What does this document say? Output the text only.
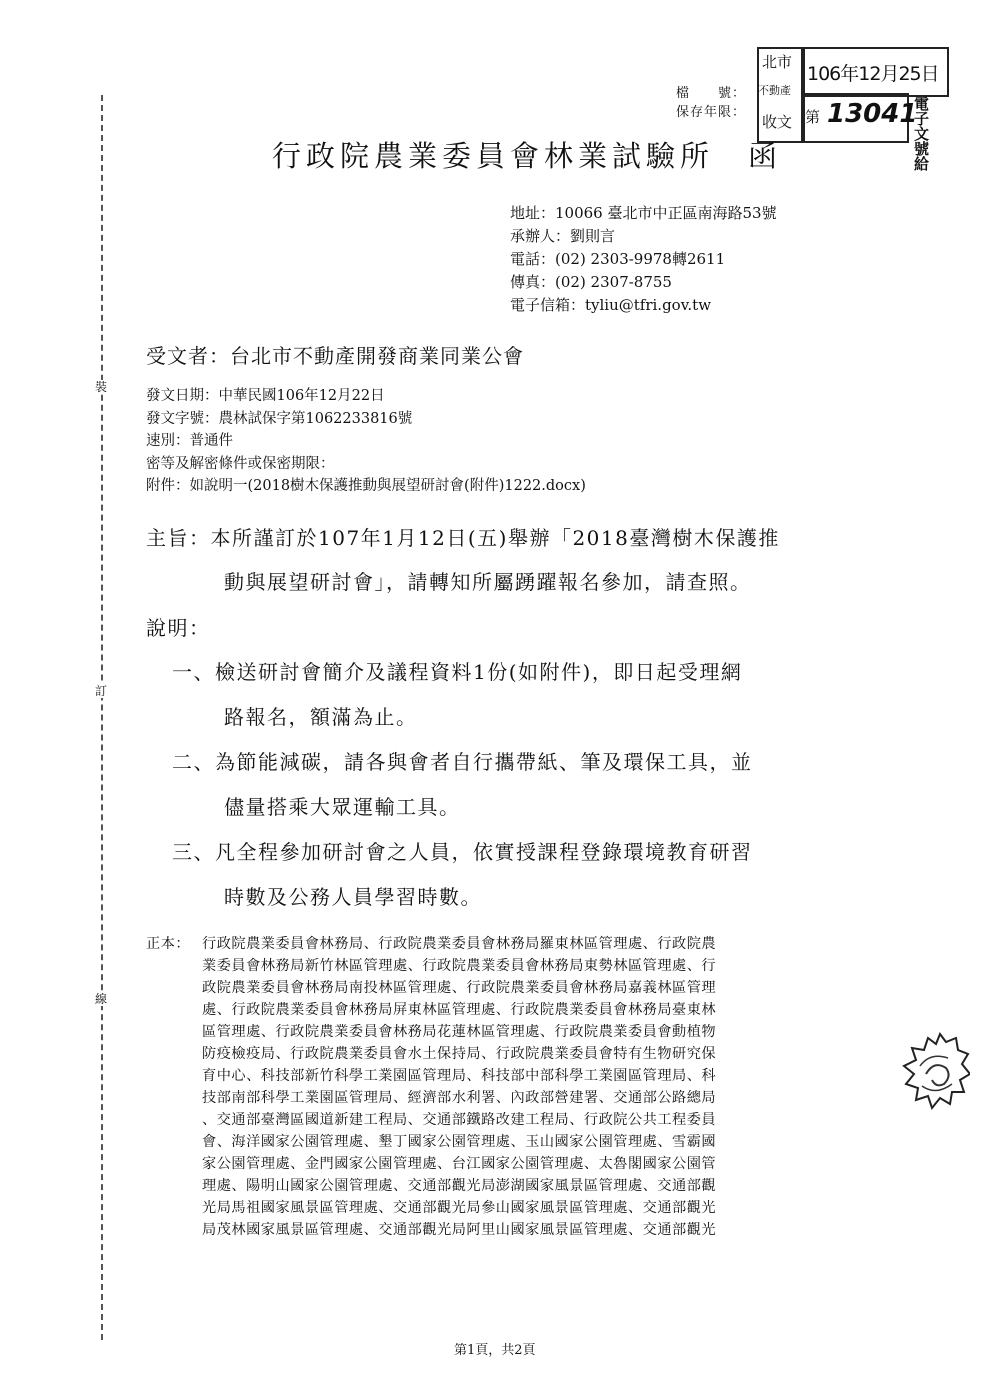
裝
訂
線
北市
不動產
收文
106年12月25日
第 13041
電子
文號
給
檔　　號：
保存年限：
行政院農業委員會林業試驗所　函
地址：10066 臺北市中正區南海路53號
承辦人：劉則言
電話：(02) 2303-9978轉2611
傳真：(02) 2307-8755
電子信箱：tyliu@tfri.gov.tw
受文者：台北市不動產開發商業同業公會
發文日期：中華民國106年12月22日
發文字號：農林試保字第1062233816號
速別：普通件
密等及解密條件或保密期限：
附件：如說明一(2018樹木保護推動與展望研討會(附件)1222.docx)
主旨：本所謹訂於107年1月12日(五)舉辦「2018臺灣樹木保護推
動與展望研討會」，請轉知所屬踴躍報名參加，請查照。
說明：
一、檢送研討會簡介及議程資料1份(如附件)，即日起受理網
路報名，額滿為止。
二、為節能減碳，請各與會者自行攜帶紙、筆及環保工具，並
儘量搭乘大眾運輸工具。
三、凡全程參加研討會之人員，依實授課程登錄環境教育研習
時數及公務人員學習時數。
正本： 行政院農業委員會林務局、行政院農業委員會林務局羅東林區管理處、行政院農
業委員會林務局新竹林區管理處、行政院農業委員會林務局東勢林區管理處、行
政院農業委員會林務局南投林區管理處、行政院農業委員會林務局嘉義林區管理
處、行政院農業委員會林務局屏東林區管理處、行政院農業委員會林務局臺東林
區管理處、行政院農業委員會林務局花蓮林區管理處、行政院農業委員會動植物
防疫檢疫局、行政院農業委員會水土保持局、行政院農業委員會特有生物研究保
育中心、科技部新竹科學工業園區管理局、科技部中部科學工業園區管理局、科
技部南部科學工業園區管理局、經濟部水利署、內政部營建署、交通部公路總局
、交通部臺灣區國道新建工程局、交通部鐵路改建工程局、行政院公共工程委員
會、海洋國家公園管理處、墾丁國家公園管理處、玉山國家公園管理處、雪霸國
家公園管理處、金門國家公園管理處、台江國家公園管理處、太魯閣國家公園管
理處、陽明山國家公園管理處、交通部觀光局澎湖國家風景區管理處、交通部觀
光局馬祖國家風景區管理處、交通部觀光局參山國家風景區管理處、交通部觀光
局茂林國家風景區管理處、交通部觀光局阿里山國家風景區管理處、交通部觀光
第1頁，共2頁
